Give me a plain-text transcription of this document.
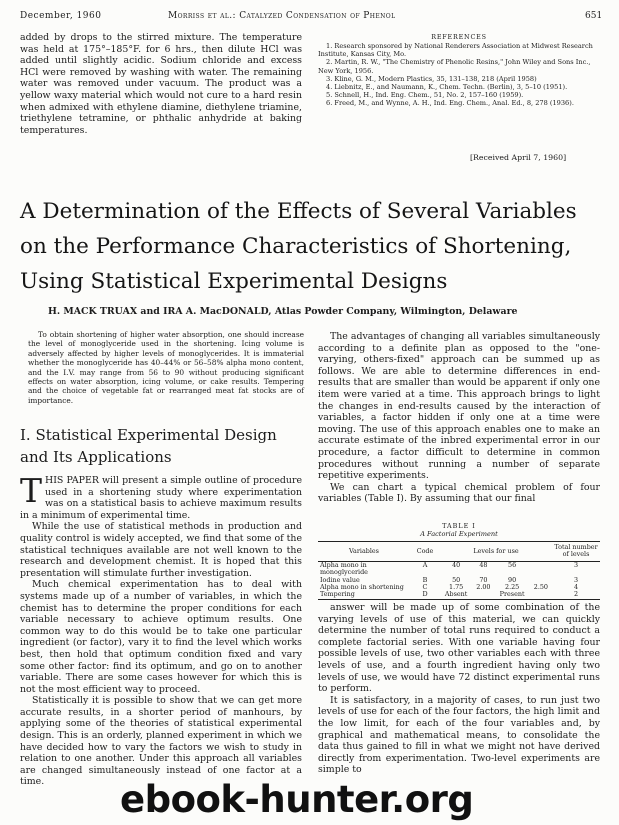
December, 1960	Morriss et al.: Catalyzed Condensation of Phenol	651
added by drops to the stirred mixture. The temperature was held at 175°–185°F. for 6 hrs., then dilute HCl was added until slightly acidic. Sodium chloride and excess HCl were removed by washing with water. The remaining water was removed under vacuum. The product was a yellow waxy material which would not cure to a hard resin when admixed with ethylene diamine, diethylene triamine, triethylene tetramine, or phthalic anhydride at baking temperatures.
REFERENCES

1. Research sponsored by National Renderers Association at Midwest Research Institute, Kansas City, Mo.

2. Martin, R. W., "The Chemistry of Phenolic Resins," John Wiley and Sons Inc., New York, 1956.

3. Kline, G. M., Modern Plastics, 35, 131–138, 218 (April 1958)

4. Liebnitz, E., and Naumann, K., Chem. Techn. (Berlin), 3, 5–10 (1951).

5. Schnell, H., Ind. Eng. Chem., 51, No. 2, 157–160 (1959).

6. Freed, M., and Wynne, A. H., Ind. Eng. Chem., Anal. Ed., 8, 278 (1936).

[Received April 7, 1960]
A Determination of the Effects of Several Variables on the Performance Characteristics of Shortening, Using Statistical Experimental Designs
H. MACK TRUAX and IRA A. MacDONALD, Atlas Powder Company, Wilmington, Delaware
To obtain shortening of higher water absorption, one should increase the level of monoglyceride used in the shortening. Icing volume is adversely affected by higher levels of monoglycerides. It is immaterial whether the monoglyceride has 40–44% or 56–58% alpha mono content, and the I.V. may range from 56 to 90 without producing significant effects on water absorption, icing volume, or cake results. Tempering and the choice of vegetable fat or rearranged meat fat stocks are of importance.
I. Statistical Experimental Design and Its Applications

THIS PAPER will present a simple outline of procedure used in a shortening study where experimentation was on a statistical basis to achieve maximum results in a minimum of experimental time.

While the use of statistical methods in production and quality control is widely accepted, we find that some of the statistical techniques available are not well known to the research and development chemist. It is hoped that this presentation will stimulate further investigation.

Much chemical experimentation has to deal with systems made up of a number of variables, in which the chemist has to determine the proper conditions for each variable necessary to achieve optimum results. One common way to do this would be to take one particular ingredient (or factor), vary it to find the level which works best, then hold that optimum condition fixed and vary some other factor: find its optimum, and go on to another variable. There are some cases however for which this is not the most efficient way to proceed.

Statistically it is possible to show that we can get more accurate results, in a shorter period of manhours, by applying some of the theories of statistical experimental design. This is an orderly, planned experiment in which we have decided how to vary the factors we wish to study in relation to one another. Under this approach all variables are changed simultaneously instead of one factor at a time.

The advantages of changing all variables simultaneously according to a definite plan as opposed to the "one-varying, others-fixed" approach can be summed up as follows. We are able to determine differences in end-results that are smaller than would be apparent if only one item were varied at a time. This approach brings to light the changes in end-results caused by the interaction of variables, a factor hidden if only one at a time were moving. The use of this approach enables one to make an accurate estimate of the inbred experimental error in our procedure, a factor difficult to determine in common procedures without running a number of separate repetitive experiments.

We can chart a typical chemical problem of four variables (Table I). By assuming that our final

TABLE I
A Factorial Experiment
Variables	Code	Levels for use				Total number of levels
Alpha mono in monoglyceride	A	40	48	56		3
Iodine value	B	50	70	90		3
Alpha mono in shortening	C	1.75	2.00	2.25	2.50	4
Tempering	D	Absent		Present		2

answer will be made up of some combination of the varying levels of use of this material, we can quickly determine the number of total runs required to conduct a complete factorial series. With one variable having four possible levels of use, two other variables each with three levels of use, and a fourth ingredient having only two levels of use, we would have 72 distinct experimental runs to perform.

It is satisfactory, in a majority of cases, to run just two levels of use for each of the four factors, the high limit and the low limit, for each of the four variables and, by graphical and mathematical means, to consolidate the data thus gained to fill in what we might not have derived directly from experimentation. Two-level experiments are simple to

ebook-hunter.org
